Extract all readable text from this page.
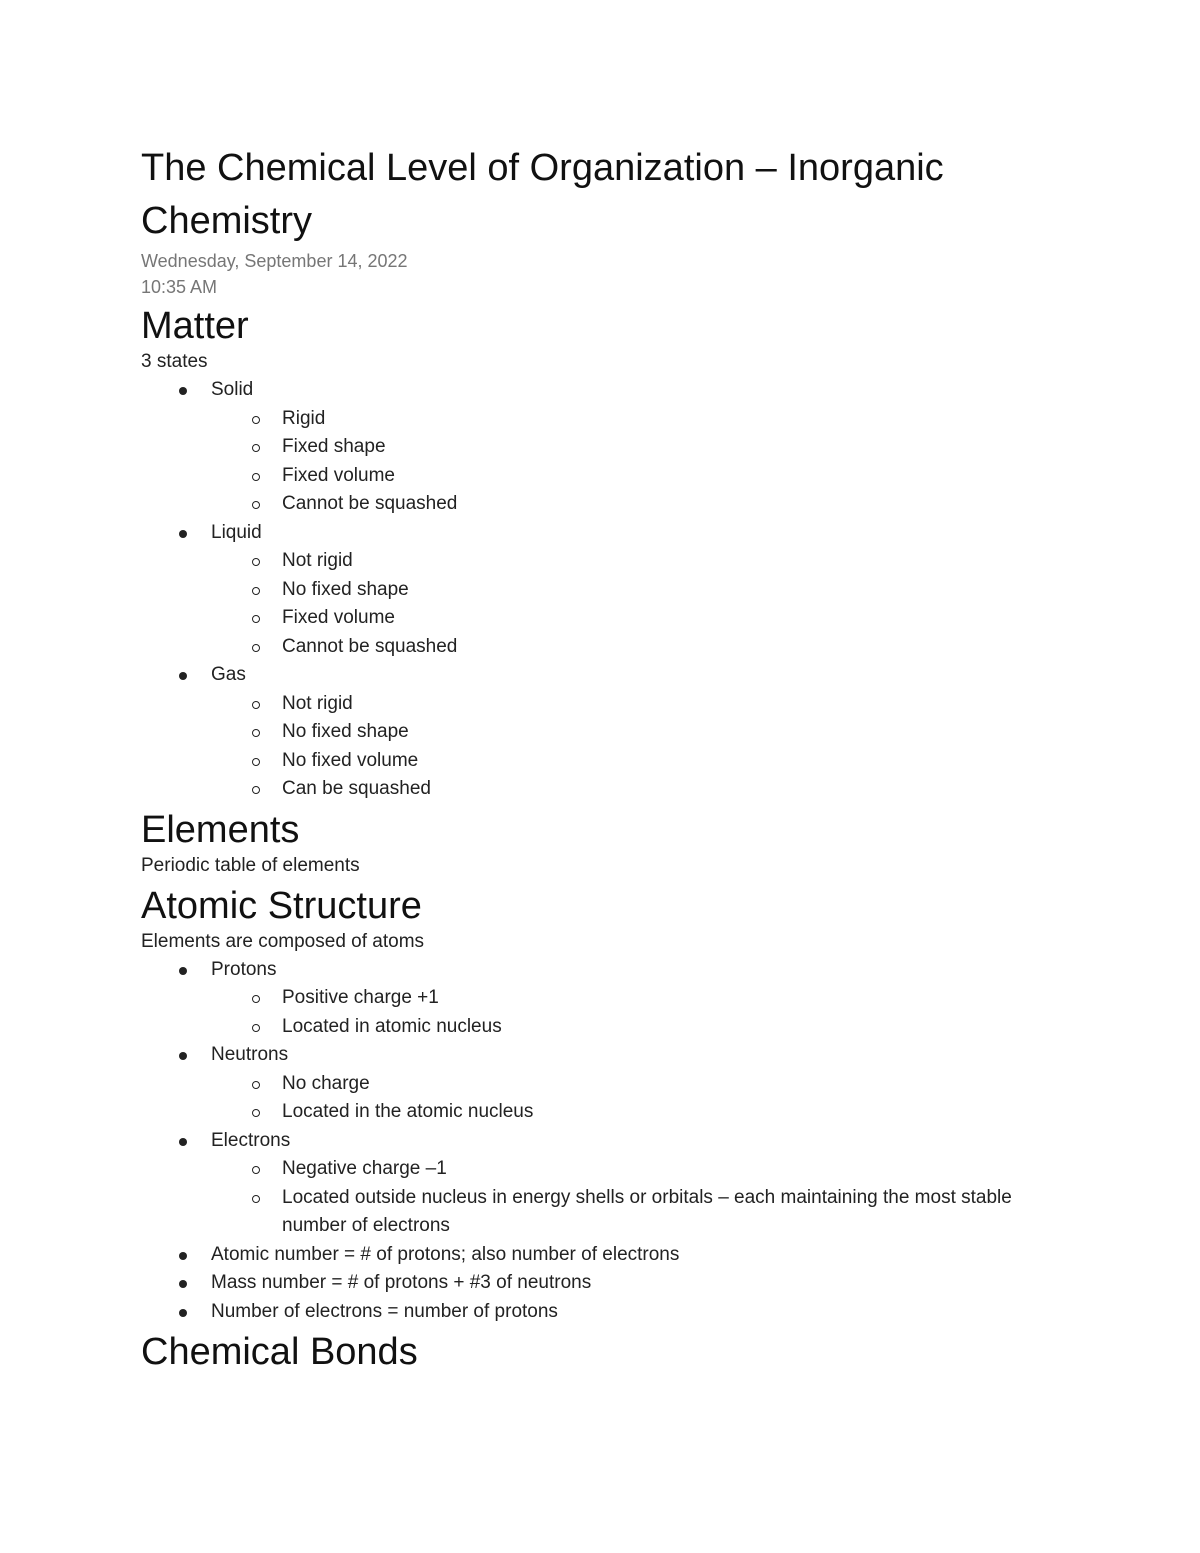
The Chemical Level of Organization – Inorganic Chemistry
Wednesday, September 14, 2022
10:35 AM
Matter
3 states
Solid
Rigid
Fixed shape
Fixed volume
Cannot be squashed
Liquid
Not rigid
No fixed shape
Fixed volume
Cannot be squashed
Gas
Not rigid
No fixed shape
No fixed volume
Can be squashed
Elements
Periodic table of elements
Atomic Structure
Elements are composed of atoms
Protons
Positive charge +1
Located in atomic nucleus
Neutrons
No charge
Located in the atomic nucleus
Electrons
Negative charge –1
Located outside nucleus in energy shells or orbitals – each maintaining the most stable number of electrons
Atomic number = # of protons; also number of electrons
Mass number = # of protons + #3 of neutrons
Number of electrons = number of protons
Chemical Bonds
